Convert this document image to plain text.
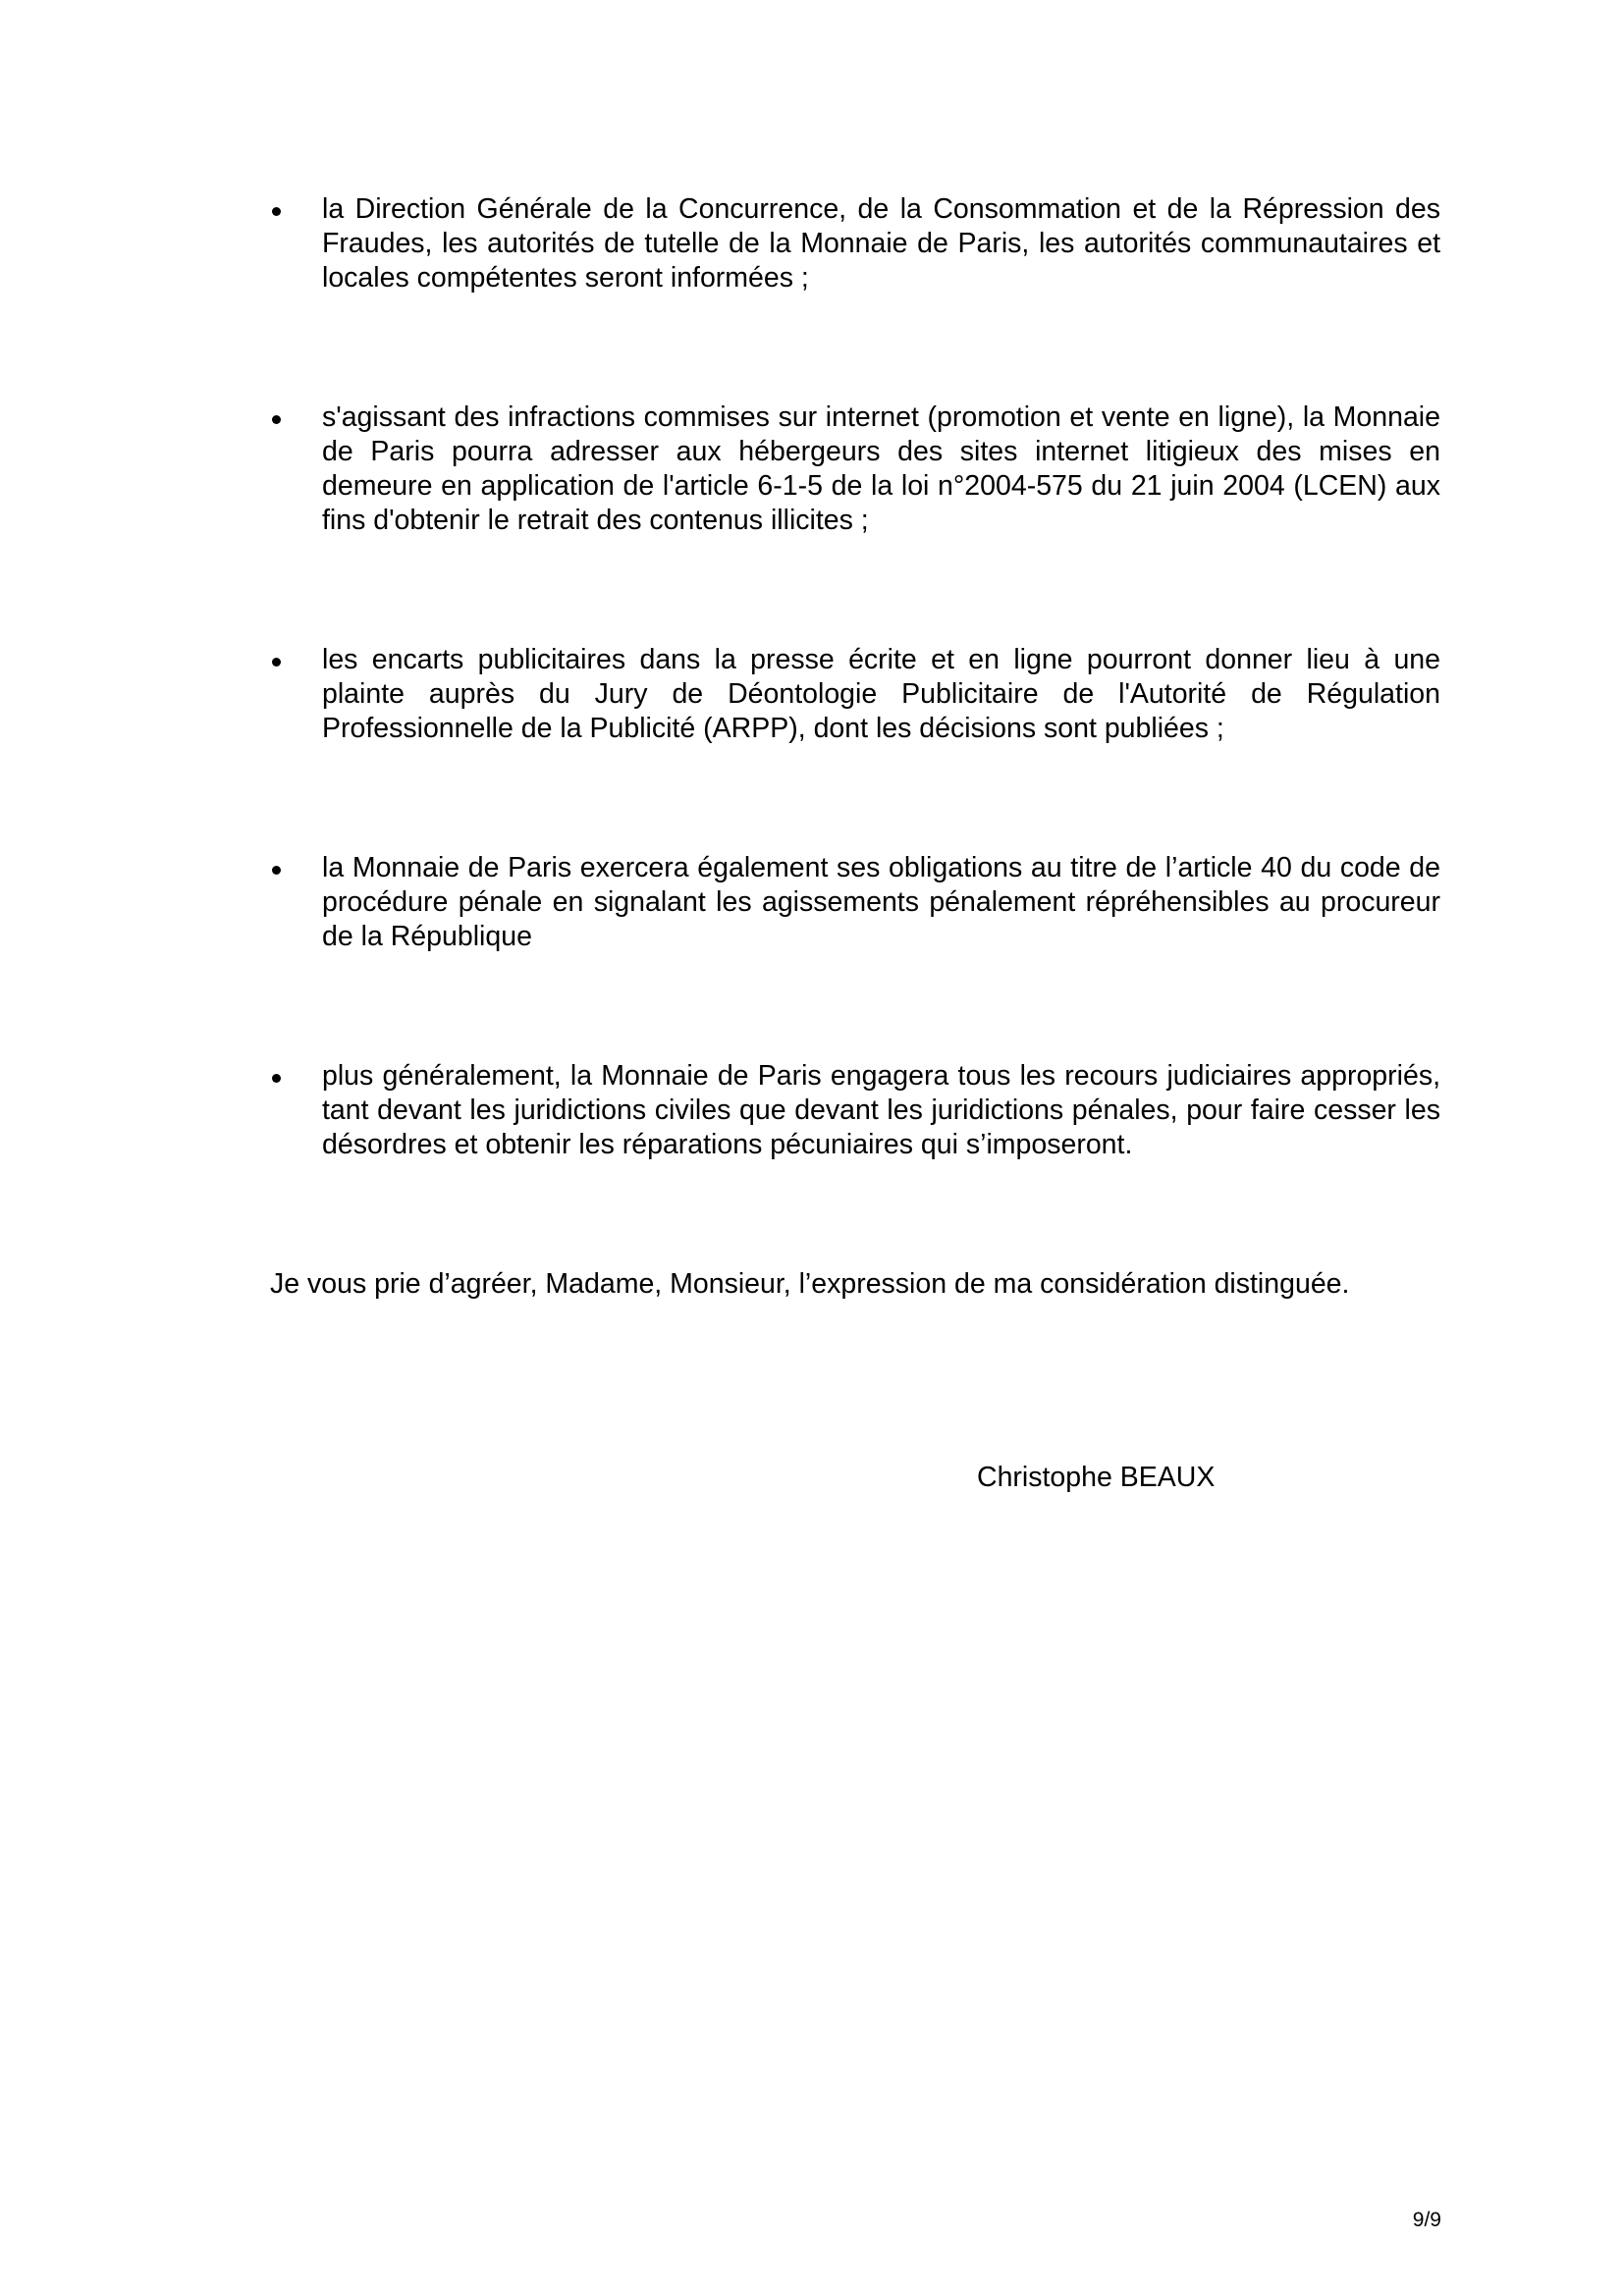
la Direction Générale de la Concurrence, de la Consommation et de la Répression des Fraudes, les autorités de tutelle de la Monnaie de Paris, les autorités communautaires et locales compétentes seront informées ;
s'agissant des infractions commises sur internet (promotion et vente en ligne), la Monnaie de Paris pourra adresser aux hébergeurs des sites internet litigieux des mises en demeure en application de l'article 6-1-5 de la loi n°2004-575 du 21 juin 2004 (LCEN) aux fins d'obtenir le retrait des contenus illicites ;
les encarts publicitaires dans la presse écrite et en ligne pourront donner lieu à une plainte auprès du Jury de Déontologie Publicitaire de l'Autorité de Régulation Professionnelle de la Publicité (ARPP), dont les décisions sont publiées ;
la Monnaie de Paris exercera également ses obligations au titre de l’article 40 du code de procédure pénale en signalant les agissements pénalement répréhensibles au procureur de la République
plus généralement, la Monnaie de Paris engagera tous les recours judiciaires appropriés, tant devant les juridictions civiles que devant les juridictions pénales, pour faire cesser les désordres et obtenir les réparations pécuniaires qui s’imposeront.

Je vous prie d’agréer, Madame, Monsieur, l’expression de ma considération distinguée.

Christophe BEAUX
9/9
